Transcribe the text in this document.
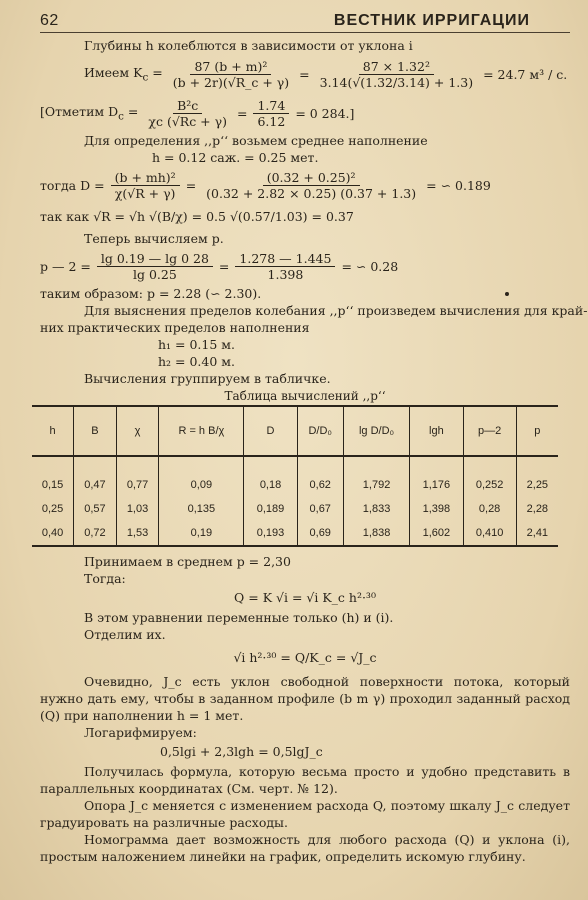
62	ВЕСТНИК ИРРИГАЦИИ
Глубины h колеблются в зависимости от уклона i
Имеем $K_c = \frac{\text{87 (b + m)²}}{(b + 2r)(√R\_c + \gamma)} = \frac{\text{87 × 1.32²}}{3.14(√(1.32/3.14) + 1.3)} = 24.7$ м³ / c.
[Отметим $D_c = \frac{\text{B²c}}{\chi c (√Rc + \gamma)} = \frac{1.74}{6.12} = 0$ 284.]
Для определения ,,p‘‘ возьмем среднее наполнение
h = 0.12 саж. = 0.25 мет.
тогда $D = \frac{\text{(b + mh)²}}{\chi(√R + \gamma)} = \frac{\text{(0.32 + 0.25)²}}{(0.32 + 2.82 \times 0.25) (0.37 + 1.3)}$ = ∽ 0.189
так как √R = √h √(B/χ) = 0.5 √(0.57/1.03) = 0.37
Теперь вычисляем p.
p — $2 = \frac{\lg 0.19 — \lg 0 28}{\lg 0.25} = \frac{1.278 — 1.445}{1.398}$ = ∽ 0.28
таким образом: p = 2.28 (∽ 2.30).
Для выяснения пределов колебания ,,p‘‘ произведем вычисления для край-
них практических пределов наполнения
h₁ = 0.15 м.
h₂ = 0.40 м.
Вычисления группируем в табличке.
Таблица вычислений ,,p‘‘
h	B	χ	R = h B/χ	D	D/D₀	lg D/D₀	lgh	p—2	p

0,15	0,47	0,77	0,09	0,18	0,62	1,792	1,176	0,252	2,25
0,25	0,57	1,03	0,135	0,189	0,67	1,833	1,398	0,28	2,28
0,40	0,72	1,53	0,19	0,193	0,69	1,838	1,602	0,410	2,41
Принимаем в среднем p = 2,30
Тогда:
Q = K √i = √i K_c h²·³⁰
В этом уравнении переменные только (h) и (i).
Отделим их.
√i h²·³⁰ = Q/K_c = √J_c
Очевидно, J_c есть уклон свободной поверхности потока, который нужно дать ему, чтобы в заданном профиле (b m γ) проходил заданный расход (Q) при наполнении h = 1 мет.
Логарифмируем:
0,5lgi + 2,3lgh = 0,5lgJ_c
Получилась формула, которую весьма просто и удобно представить в параллельных координатах (См. черт. № 12).
Опора J_c меняется с изменением расхода Q, поэтому шкалу J_c следует градуировать на различные расходы.
Номограмма дает возможность для любого расхода (Q) и уклона (i), простым наложением линейки на график, определить искомую глубину.
